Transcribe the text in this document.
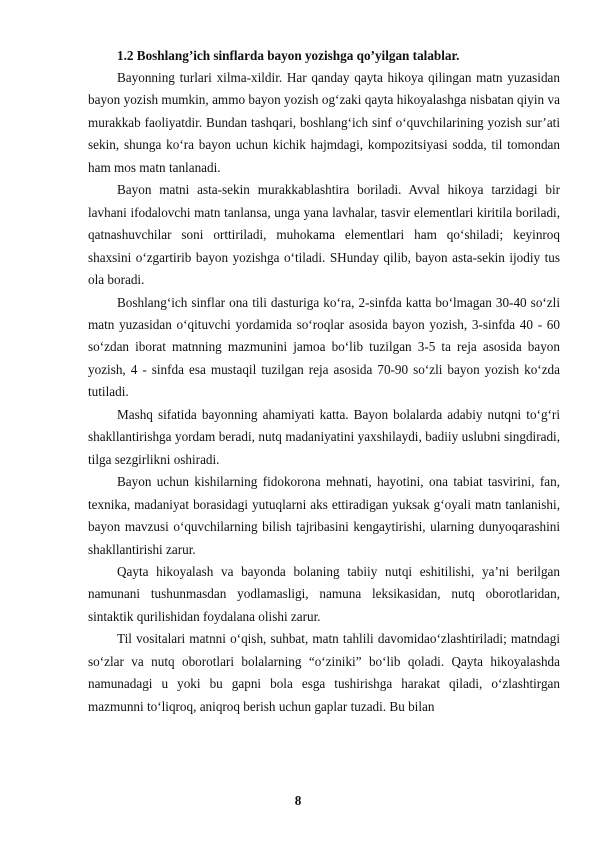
1.2 Boshlang’ich sinflarda bayon yozishga qo’yilgan talablar.

Bayonning turlari xilma-xildir. Har qanday qayta hikoya qilingan matn yuzasidan bayon yozish mumkin, ammo bayon yozish og‘zaki qayta hikoyalashga nisbatan qiyin va murakkab faoliyatdir. Bundan tashqari, boshlang‘ich sinf o‘quvchilarining yozish sur’ati sekin, shunga ko‘ra bayon uchun kichik hajmdagi, kompozitsiyasi sodda, til tomondan ham mos matn tanlanadi.

Bayon matni asta-sekin murakkablashtira boriladi. Avval hikoya tarzidagi bir lavhani ifodalovchi matn tanlansa, unga yana lavhalar, tasvir elementlari kiritila boriladi, qatnashuvchilar soni orttiriladi, muhokama elementlari ham qo‘shiladi; keyinroq shaxsini o‘zgartirib bayon yozishga o‘tiladi. SHunday qilib, bayon asta-sekin ijodiy tus ola boradi.

Boshlang‘ich sinflar ona tili dasturiga ko‘ra, 2-sinfda katta bo‘lmagan 30-40 so‘zli matn yuzasidan o‘qituvchi yordamida so‘roqlar asosida bayon yozish, 3-sinfda 40 - 60 so‘zdan iborat matnning mazmunini jamoa bo‘lib tuzilgan 3-5 ta reja asosida bayon yozish, 4 - sinfda esa mustaqil tuzilgan reja asosida 70-90 so‘zli bayon yozish ko‘zda tutiladi.

Mashq sifatida bayonning ahamiyati katta. Bayon bolalarda adabiy nutqni to‘g‘ri shakllantirishga yordam beradi, nutq madaniyatini yaxshilaydi, badiiy uslubni singdiradi, tilga sezgirlikni oshiradi.

Bayon uchun kishilarning fidokorona mehnati, hayotini, ona tabiat tasvirini, fan, texnika, madaniyat borasidagi yutuqlarni aks ettiradigan yuksak g‘oyali matn tanlanishi, bayon mavzusi o‘quvchilarning bilish tajribasini kengaytirishi, ularning dunyoqarashini shakllantirishi zarur.

Qayta hikoyalash va bayonda bolaning tabiiy nutqi eshitilishi, ya’ni berilgan namunani tushunmasdan yodlamasligi, namuna leksikasidan, nutq oborotlaridan, sintaktik qurilishidan foydalana olishi zarur.

Til vositalari matnni o‘qish, suhbat, matn tahlili davomidao‘zlashtiriladi; matndagi so‘zlar va nutq oborotlari bolalarning “o‘ziniki” bo‘lib qoladi. Qayta hikoyalashda namunadagi u yoki bu gapni bola esga tushirishga harakat qiladi, o‘zlashtirgan mazmunni to‘liqroq, aniqroq berish uchun gaplar tuzadi. Bu bilan

8
